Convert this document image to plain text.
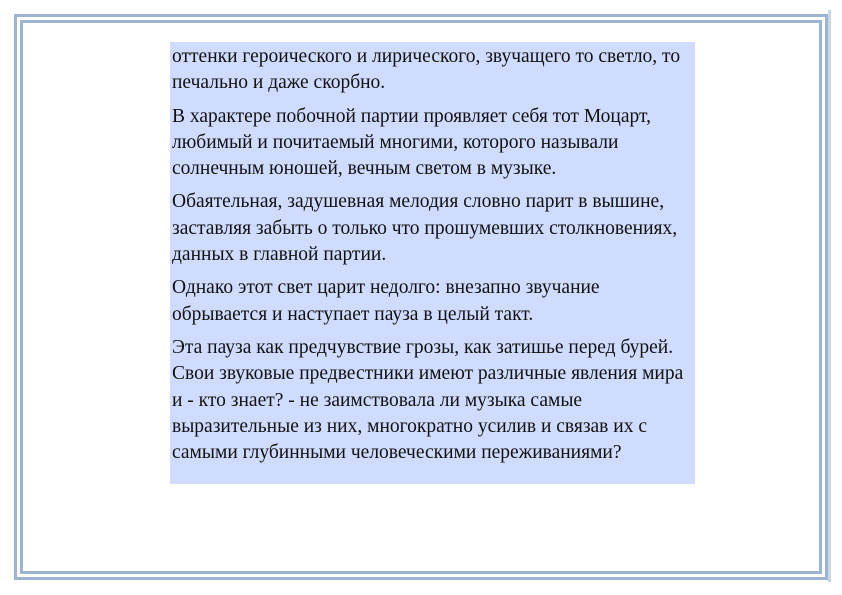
оттенки героического и лирического, звучащего то светло, то печально и даже скорбно.

В характере побочной партии проявляет себя тот Моцарт, любимый и почитаемый многими, которого называли солнечным юношей, вечным светом в музыке.

Обаятельная, задушевная мелодия словно парит в вышине, заставляя забыть о только что прошумевших столкновениях, данных в главной партии.

Однако этот свет царит недолго: внезапно звучание обрывается и наступает пауза в целый такт.

Эта пауза как предчувствие грозы, как затишье перед бурей. Свои звуковые предвестники имеют различные явления мира и - кто знает? - не заимствовала ли музыка самые выразительные из них, многократно усилив и связав их с самыми глубинными человеческими переживаниями?
